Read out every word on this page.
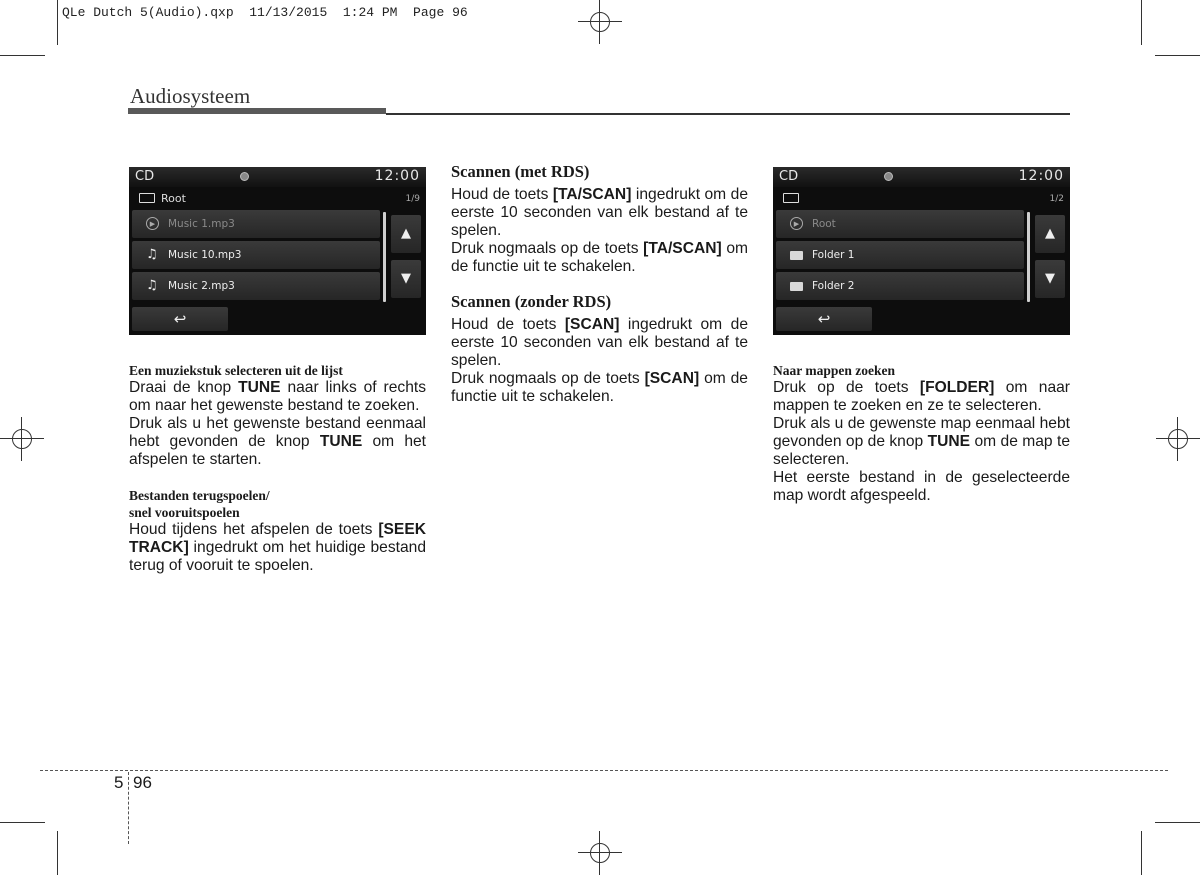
QLe Dutch 5(Audio).qxp  11/13/2015  1:24 PM  Page 96
Audiosysteem
CD	12:00
Root	1/9
▶	Music 1.mp3
♫ Music 10.mp3
♫ Music 2.mp3
▲
▼
↩
CD	12:00
1/2
▶	Root
Folder 1
Folder 2
▲
▼
↩
Een muziekstuk selecteren uit de lijst

Draai de knop TUNE naar links of rechts om naar het gewenste bestand te zoeken.

Druk als u het gewenste bestand eenmaal hebt gevonden de knop TUNE om het afspelen te starten.

Bestanden terugspoelen/
snel vooruitspoelen

Houd tijdens het afspelen de toets [SEEK TRACK] ingedrukt om het huidige bestand terug of vooruit te spoelen.

Scannen (met RDS)

Houd de toets [TA/SCAN] ingedrukt om de eerste 10 seconden van elk bestand af te spelen.

Druk nogmaals op de toets [TA/SCAN] om de functie uit te schakelen.

Scannen (zonder RDS)

Houd de toets [SCAN] ingedrukt om de eerste 10 seconden van elk bestand af te spelen.

Druk nogmaals op de toets [SCAN] om de functie uit te schakelen.

Naar mappen zoeken

Druk op de toets [FOLDER] om naar mappen te zoeken en ze te selecteren.

Druk als u de gewenste map eenmaal hebt gevonden op de knop TUNE om de map te selecteren.

Het eerste bestand in de geselecteerde map wordt afgespeeld.

5 96
